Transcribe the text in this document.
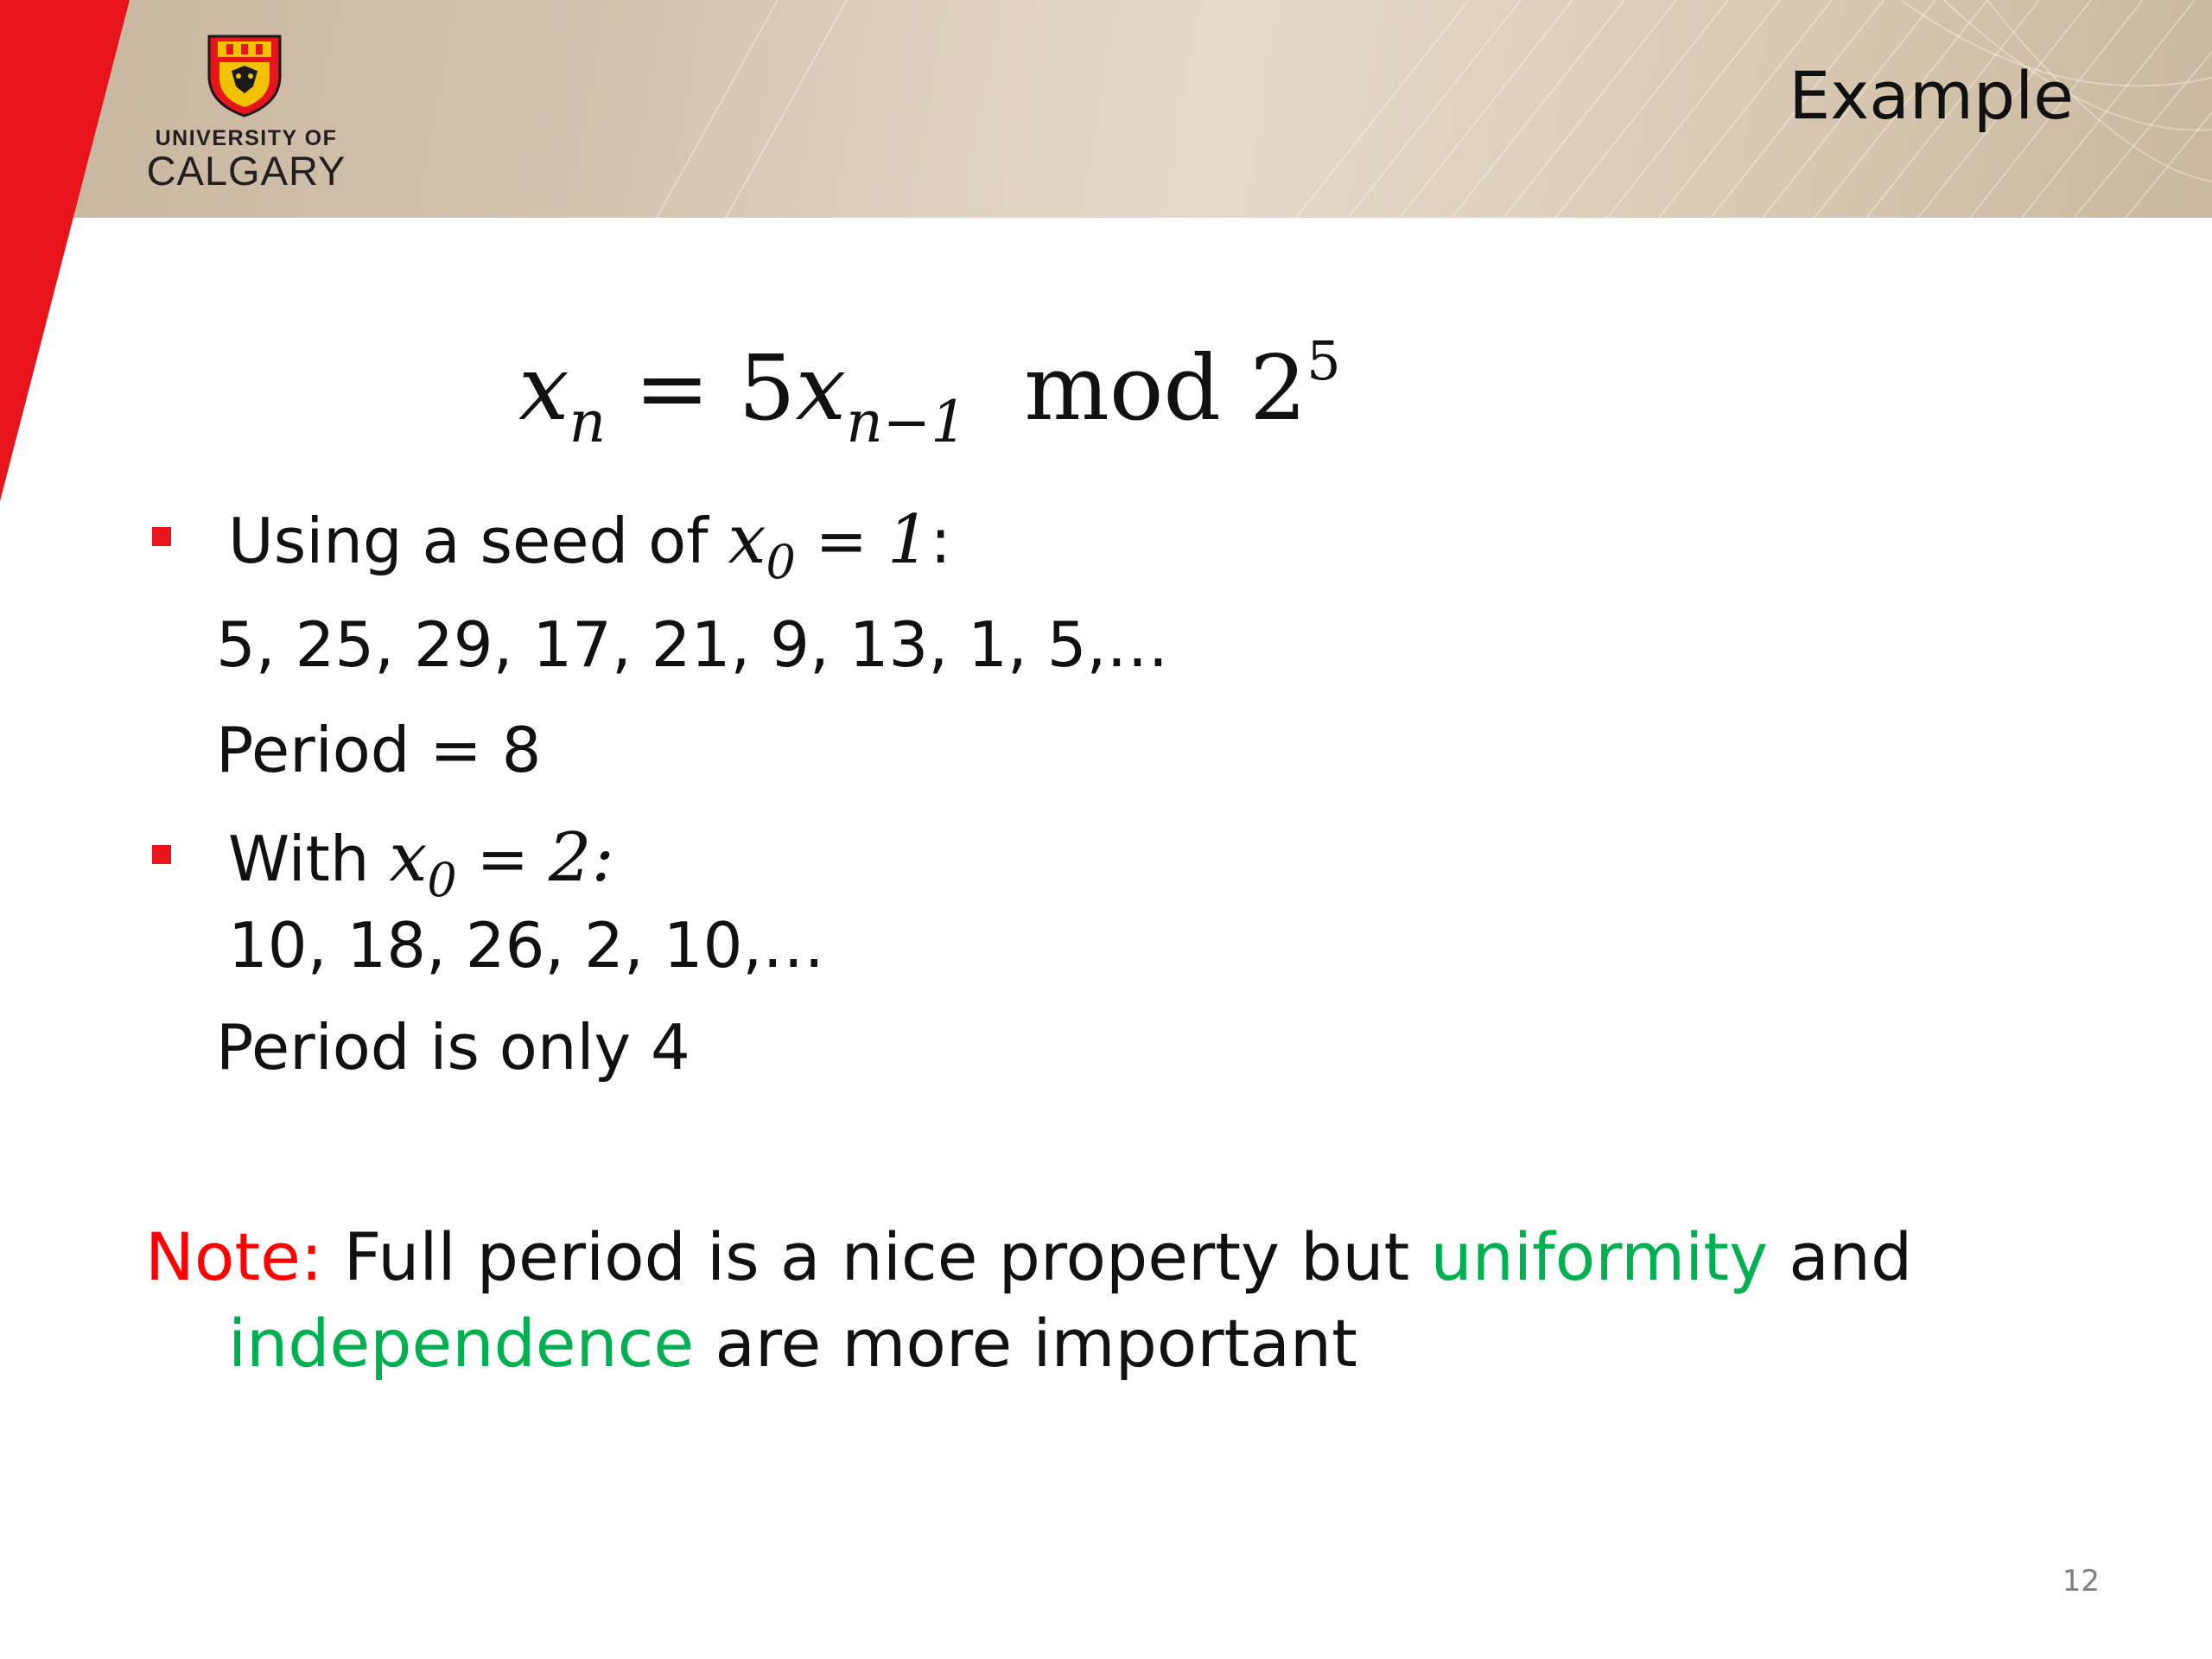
UNIVERSITY OF
CALGARY
Example
$x_n = 5x_{n-1}$ mod $2^5$
Using a seed of $x_0 = 1$:
5, 25, 29, 17, 21, 9, 13, 1, 5,…
Period = 8
With $x_0 = 2$:
10, 18, 26, 2, 10,…
Period is only 4
Note: Full period is a nice property but uniformity and
independence are more important
12
